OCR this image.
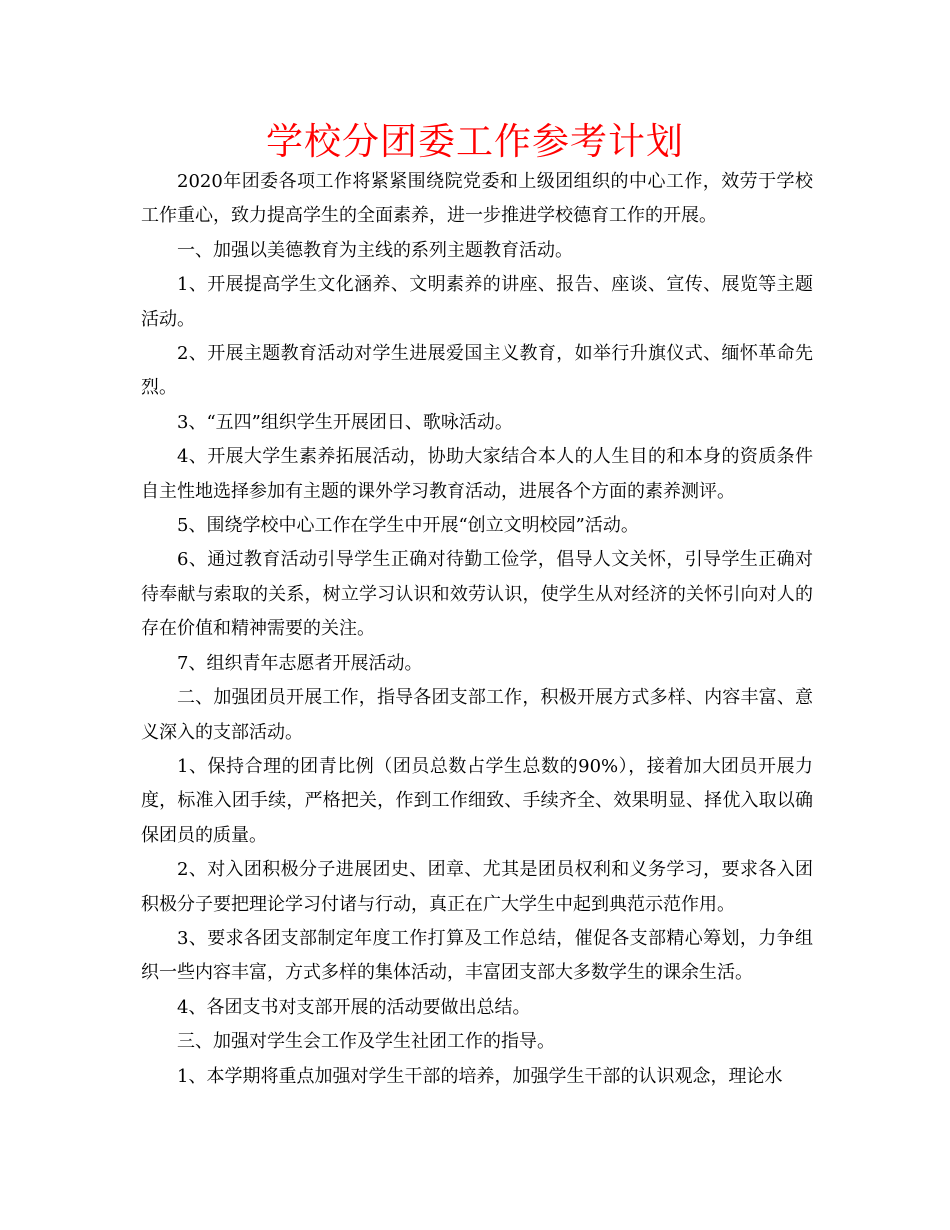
学校分团委工作参考计划

2020年团委各项工作将紧紧围绕院党委和上级团组织的中心工作，效劳于学校工作重心，致力提高学生的全面素养，进一步推进学校德育工作的开展。

一、加强以美德教育为主线的系列主题教育活动。

1、开展提高学生文化涵养、文明素养的讲座、报告、座谈、宣传、展览等主题活动。

2、开展主题教育活动对学生进展爱国主义教育，如举行升旗仪式、缅怀革命先烈。

3、“五四”组织学生开展团日、歌咏活动。

4、开展大学生素养拓展活动，协助大家结合本人的人生目的和本身的资质条件自主性地选择参加有主题的课外学习教育活动，进展各个方面的素养测评。

5、围绕学校中心工作在学生中开展“创立文明校园”活动。

6、通过教育活动引导学生正确对待勤工俭学，倡导人文关怀，引导学生正确对待奉献与索取的关系，树立学习认识和效劳认识，使学生从对经济的关怀引向对人的存在价值和精神需要的关注。

7、组织青年志愿者开展活动。

二、加强团员开展工作，指导各团支部工作，积极开展方式多样、内容丰富、意义深入的支部活动。

1、保持合理的团青比例（团员总数占学生总数的90%），接着加大团员开展力度，标准入团手续，严格把关，作到工作细致、手续齐全、效果明显、择优入取以确保团员的质量。

2、对入团积极分子进展团史、团章、尤其是团员权利和义务学习，要求各入团积极分子要把理论学习付诸与行动，真正在广大学生中起到典范示范作用。

3、要求各团支部制定年度工作打算及工作总结，催促各支部精心筹划，力争组织一些内容丰富，方式多样的集体活动，丰富团支部大多数学生的课余生活。

4、各团支书对支部开展的活动要做出总结。

三、加强对学生会工作及学生社团工作的指导。

1、本学期将重点加强对学生干部的培养，加强学生干部的认识观念，理论水
